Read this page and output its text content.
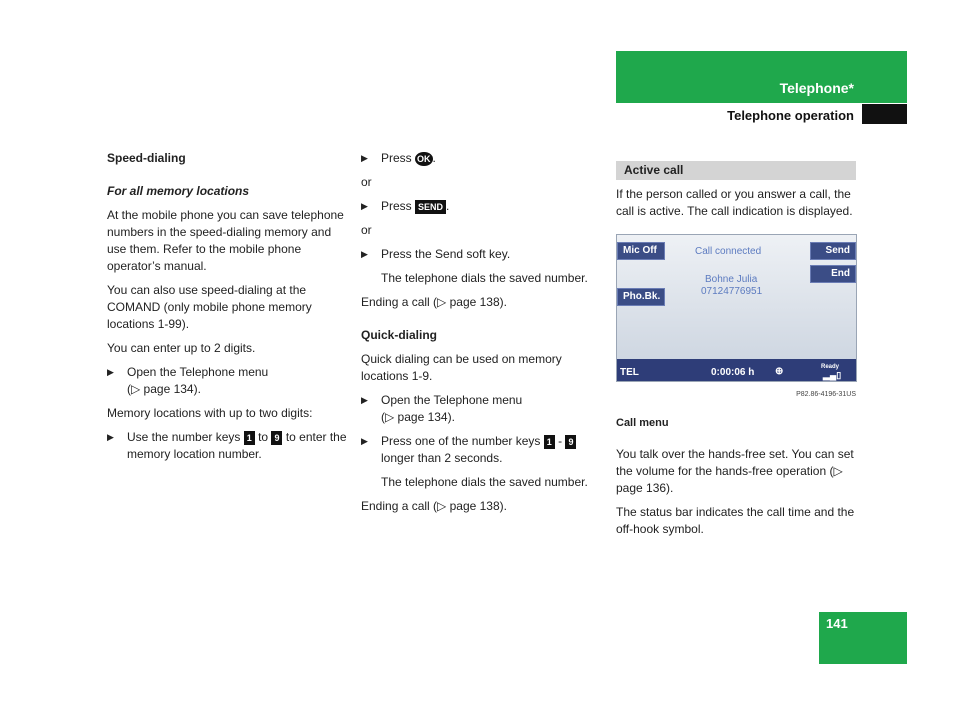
Telephone*
Telephone operation

Speed-dialing

For all memory locations

At the mobile phone you can save telephone numbers in the speed-dialing memory and use them. Refer to the mobile phone operator’s manual.

You can also use speed-dialing at the COMAND (only mobile phone memory locations 1-99).

You can enter up to 2 digits.

▶ Open the Telephone menu
(▷ page 134).

Memory locations with up to two digits:

▶ Use the number keys 1 to 9 to enter the memory location number.

▶ Press OK .

or

▶ Press SEND .

or

▶ Press the Send soft key.

The telephone dials the saved number.

Ending a call (▷ page 138).

Quick-dialing

Quick dialing can be used on memory locations 1-9.

▶ Open the Telephone menu
(▷ page 134).

▶ Press one of the number keys 1 - 9 longer than 2 seconds.

The telephone dials the saved number.

Ending a call (▷ page 138).

Active call

If the person called or you answer a call, the call is active. The call indication is displayed.

Mic Off	Call connected	Send
End
Bohne Julia
07124776951
Pho.Bk.
TEL	0:00:06 h ⊕	Ready
▂▄▯

P82.86-4196-31US

Call menu

You talk over the hands-free set. You can set the volume for the hands-free operation (▷ page 136).

The status bar indicates the call time and the off-hook symbol.

141
